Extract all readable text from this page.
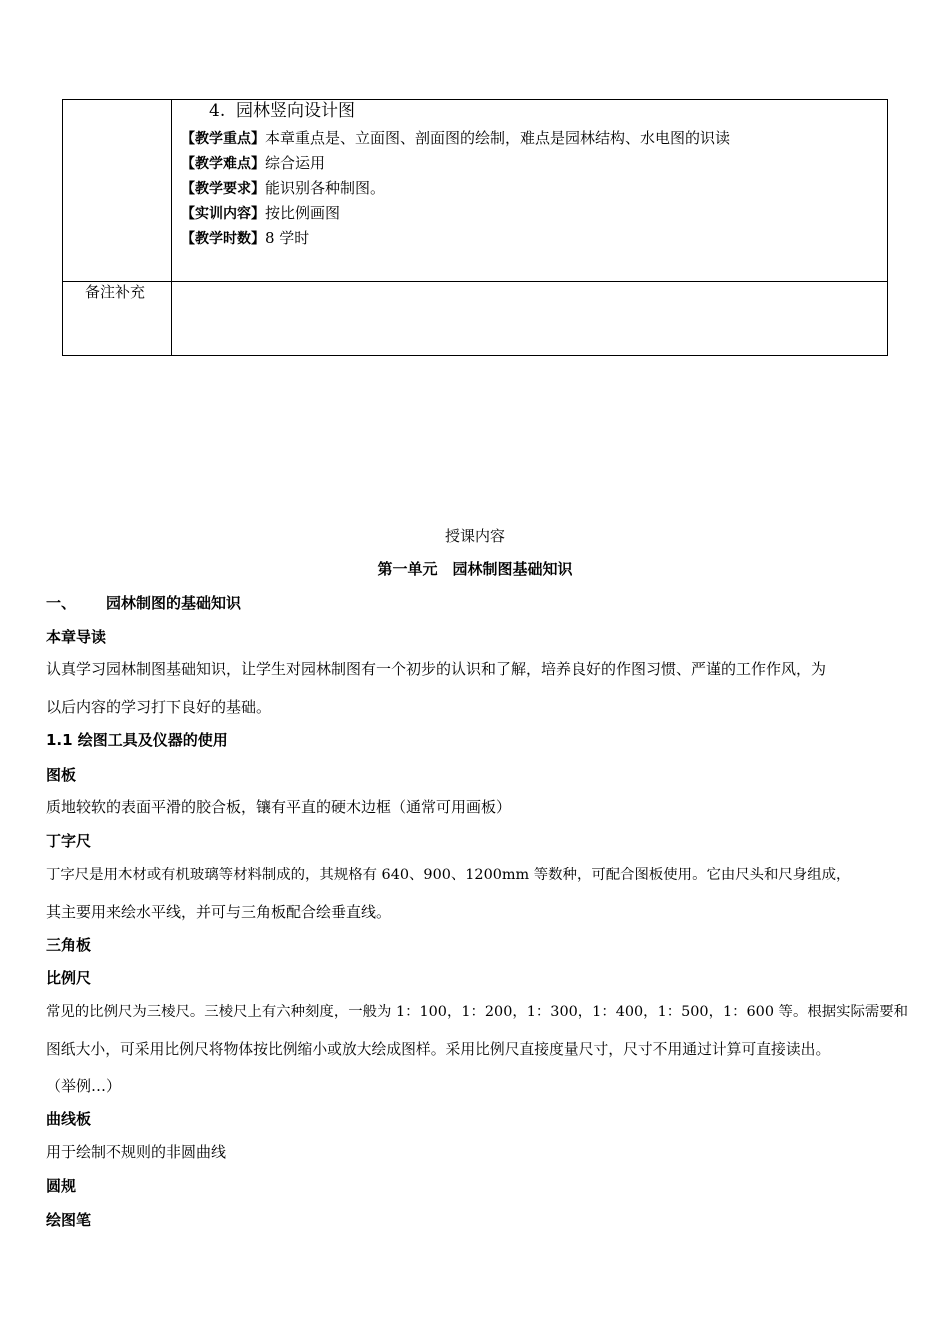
4. 园林竖向设计图
【教学重点】本章重点是、立面图、剖面图的绘制，难点是园林结构、水电图的识读
【教学难点】综合运用
【教学要求】能识别各种制图。
【实训内容】按比例画图
【教学时数】8 学时
备注补充
授课内容
第一单元　园林制图基础知识
一、 园林制图的基础知识
本章导读
认真学习园林制图基础知识，让学生对园林制图有一个初步的认识和了解，培养良好的作图习惯、严谨的工作作风，为
以后内容的学习打下良好的基础。
1.1 绘图工具及仪器的使用
图板
质地较软的表面平滑的胶合板，镶有平直的硬木边框（通常可用画板）
丁字尺
丁字尺是用木材或有机玻璃等材料制成的，其规格有 640、900、1200mm 等数种，可配合图板使用。它由尺头和尺身组成，
其主要用来绘水平线，并可与三角板配合绘垂直线。
三角板
比例尺
常见的比例尺为三棱尺。三棱尺上有六种刻度，一般为 1：100，1：200，1：300，1：400，1：500，1：600 等。根据实际需要和
图纸大小，可采用比例尺将物体按比例缩小或放大绘成图样。采用比例尺直接度量尺寸，尺寸不用通过计算可直接读出。
（举例…）
曲线板
用于绘制不规则的非圆曲线
圆规
绘图笔
